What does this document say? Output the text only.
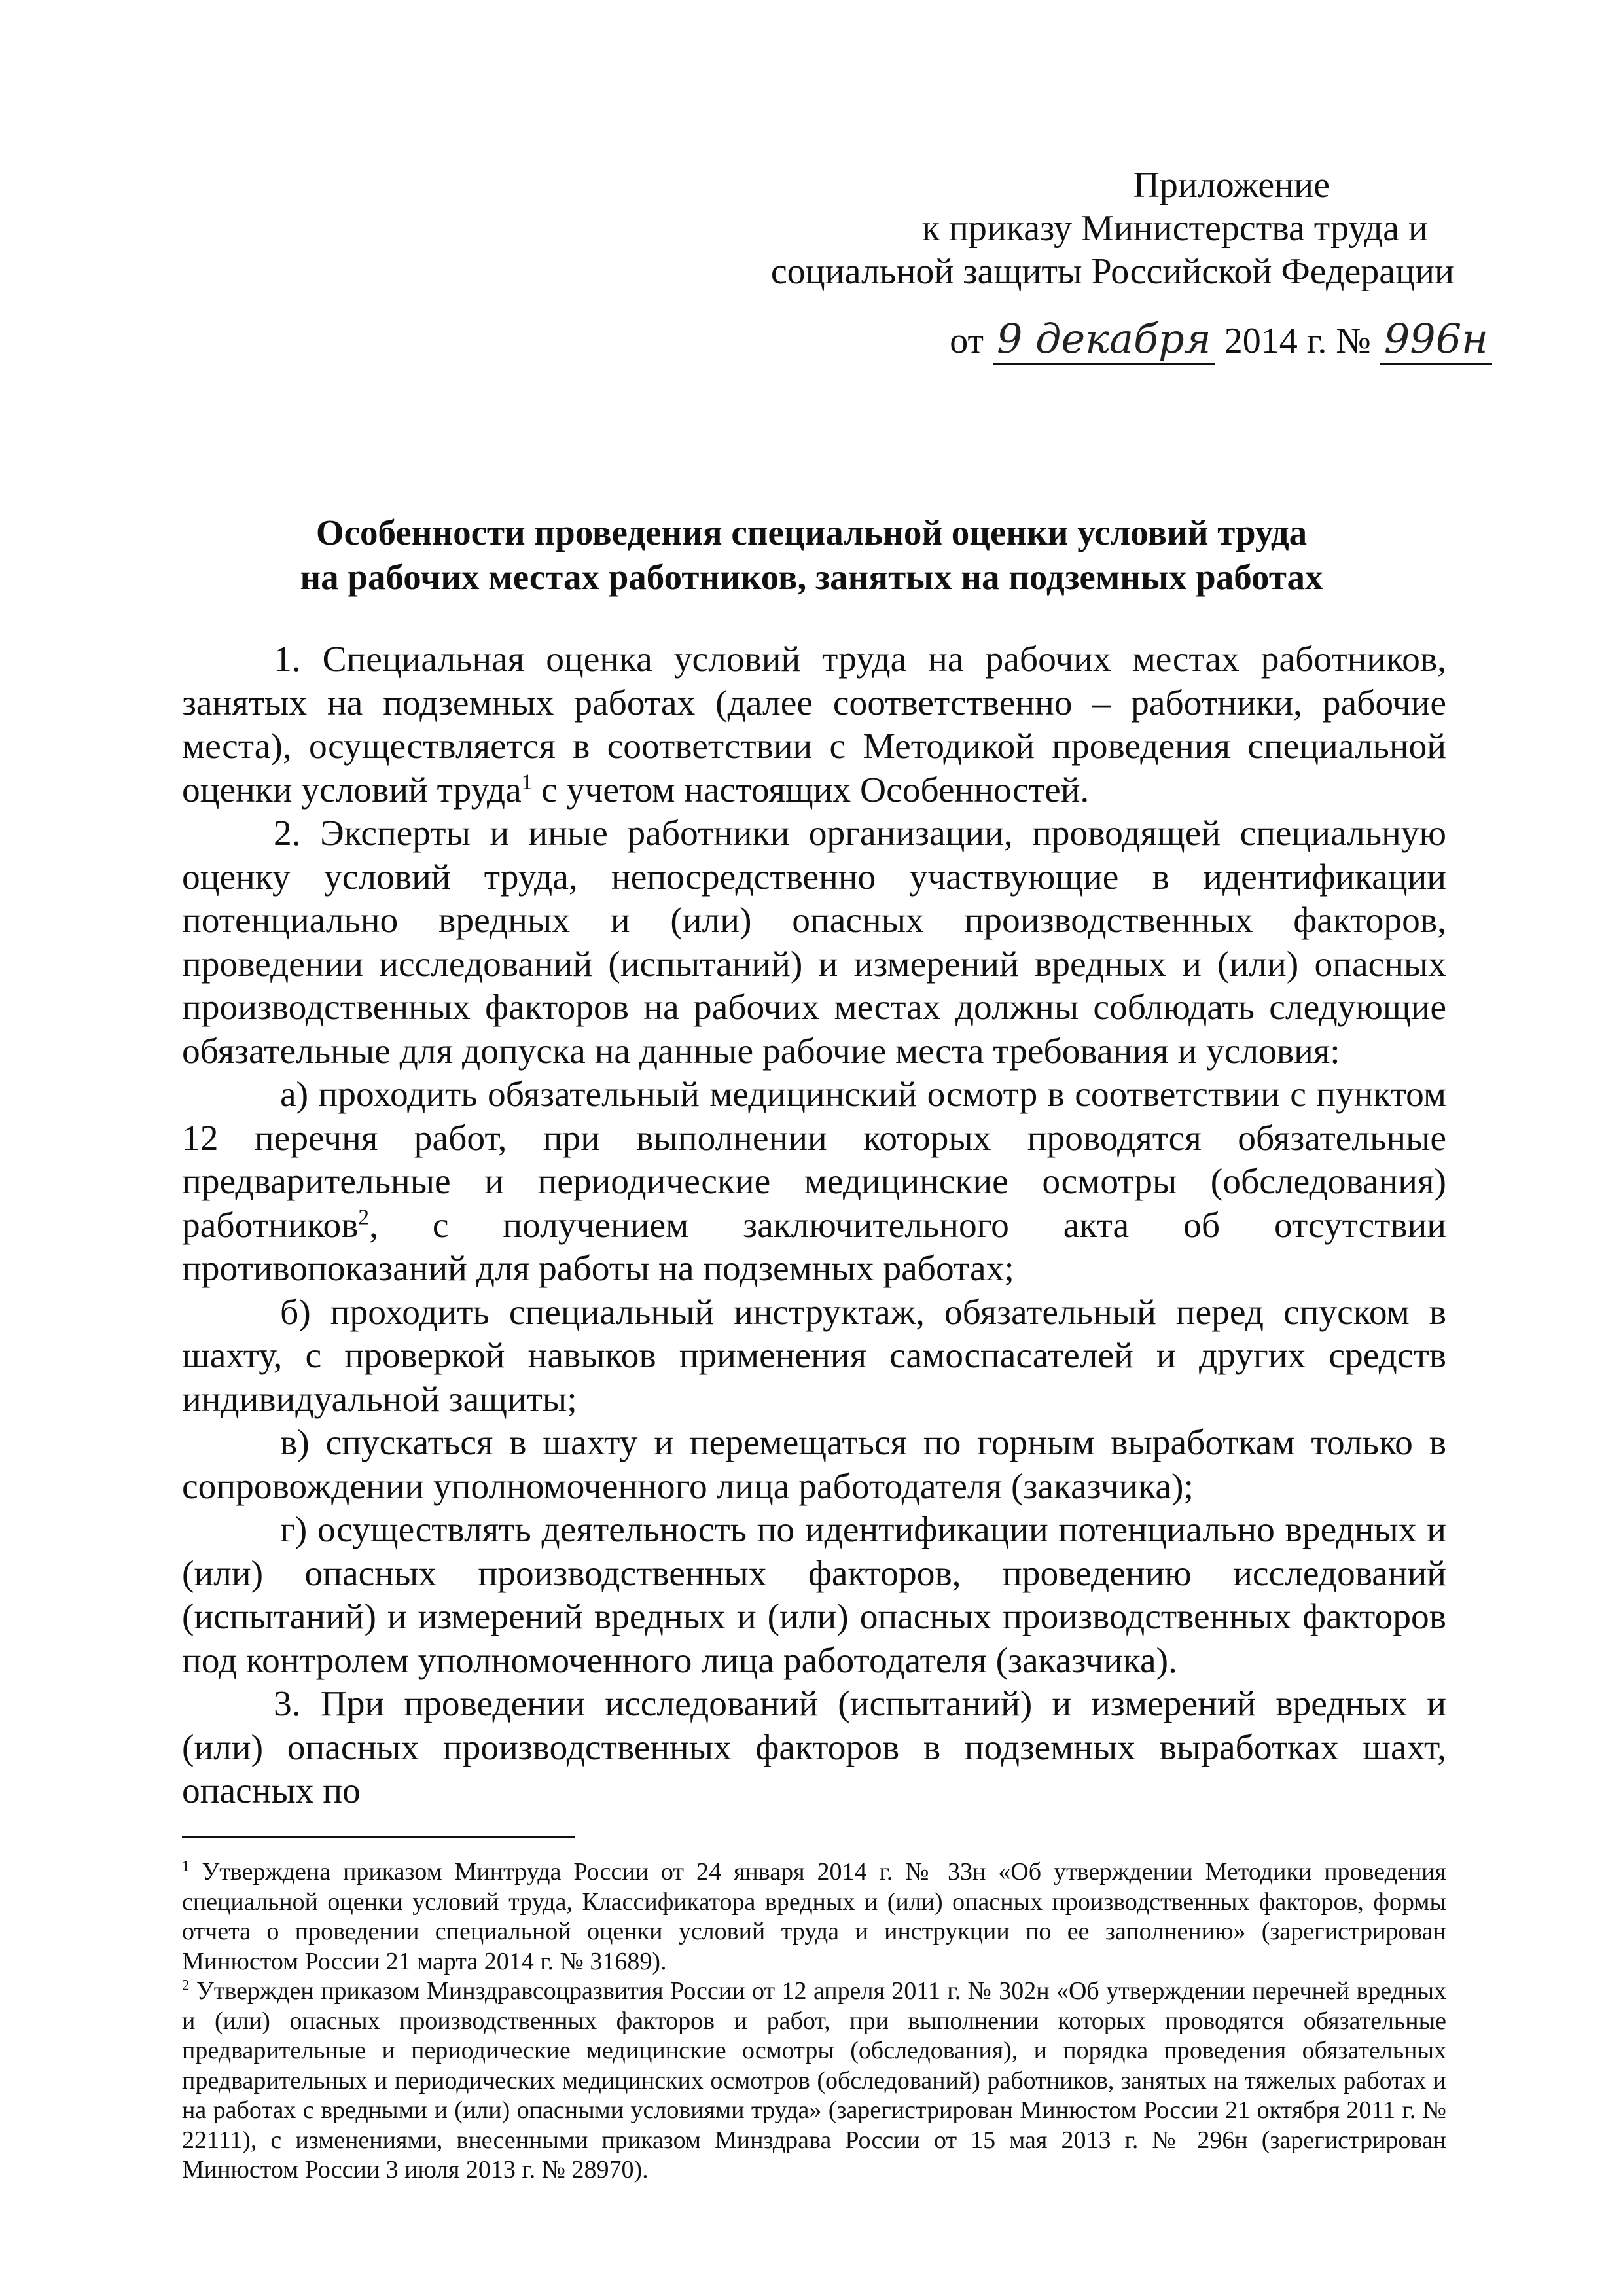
Приложение
к приказу Министерства труда и
социальной защиты Российской Федерации
от 9 декабря 2014 г. № 996н
Особенности проведения специальной оценки условий труда
на рабочих местах работников, занятых на подземных работах

1. Специальная оценка условий труда на рабочих местах работников, занятых на подземных работах (далее соответственно – работники, рабочие места), осуществляется в соответствии с Методикой проведения специальной оценки условий труда$^1$ с учетом настоящих Особенностей.

2. Эксперты и иные работники организации, проводящей специальную оценку условий труда, непосредственно участвующие в идентификации потенциально вредных и (или) опасных производственных факторов, проведении исследований (испытаний) и измерений вредных и (или) опасных производственных факторов на рабочих местах должны соблюдать следующие обязательные для допуска на данные рабочие места требования и условия:

а) проходить обязательный медицинский осмотр в соответствии с пунктом 12 перечня работ, при выполнении которых проводятся обязательные предварительные и периодические медицинские осмотры (обследования) работников$^2$, с получением заключительного акта об отсутствии противопоказаний для работы на подземных работах;

б) проходить специальный инструктаж, обязательный перед спуском в шахту, с проверкой навыков применения самоспасателей и других средств индивидуальной защиты;

в) спускаться в шахту и перемещаться по горным выработкам только в сопровождении уполномоченного лица работодателя (заказчика);

г) осуществлять деятельность по идентификации потенциально вредных и (или) опасных производственных факторов, проведению исследований (испытаний) и измерений вредных и (или) опасных производственных факторов под контролем уполномоченного лица работодателя (заказчика).

3. При проведении исследований (испытаний) и измерений вредных и (или) опасных производственных факторов в подземных выработках шахт, опасных по

$^1$ Утверждена приказом Минтруда России от 24 января 2014 г. № 33н «Об утверждении Методики проведения специальной оценки условий труда, Классификатора вредных и (или) опасных производственных факторов, формы отчета о проведении специальной оценки условий труда и инструкции по ее заполнению» (зарегистрирован Минюстом России 21 марта 2014 г. № 31689).

$^2$ Утвержден приказом Минздравсоцразвития России от 12 апреля 2011 г. № 302н «Об утверждении перечней вредных и (или) опасных производственных факторов и работ, при выполнении которых проводятся обязательные предварительные и периодические медицинские осмотры (обследования), и порядка проведения обязательных предварительных и периодических медицинских осмотров (обследований) работников, занятых на тяжелых работах и на работах с вредными и (или) опасными условиями труда» (зарегистрирован Минюстом России 21 октября 2011 г. № 22111), с изменениями, внесенными приказом Минздрава России от 15 мая 2013 г. № 296н (зарегистрирован Минюстом России 3 июля 2013 г. № 28970).
